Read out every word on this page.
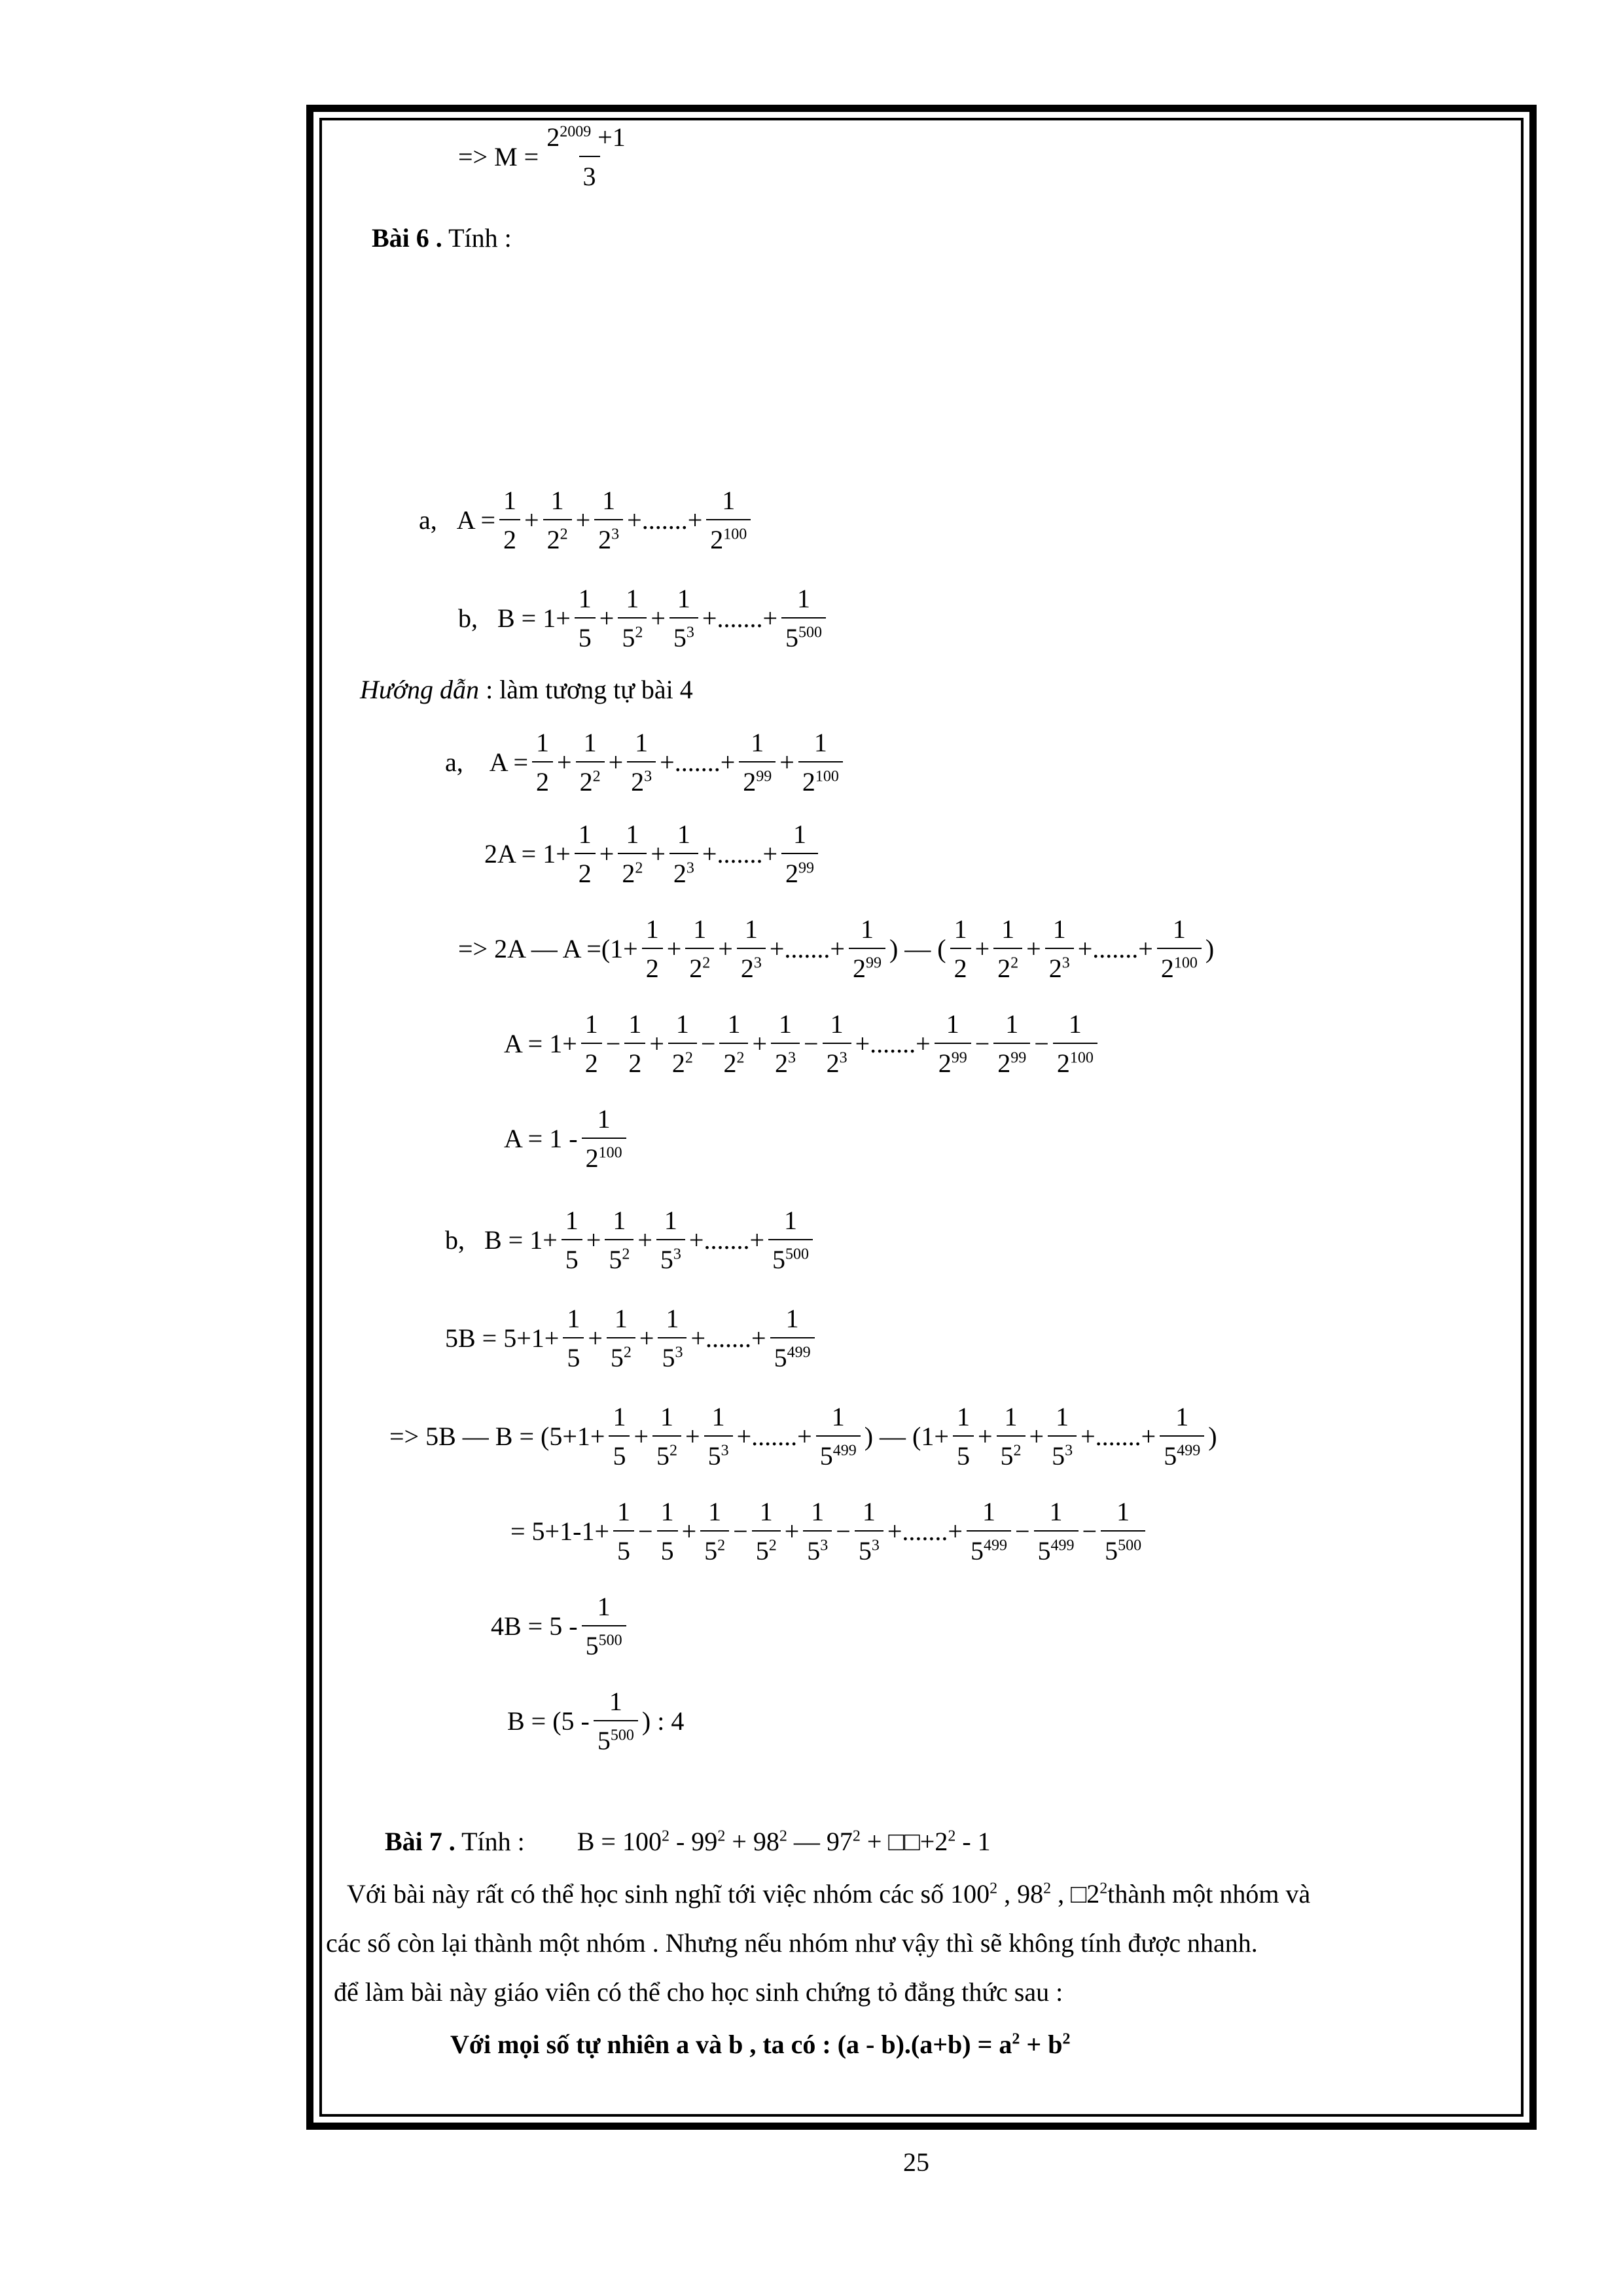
=> $M = \frac{2^{2009} +1}{3}$
Bài 6 . Tính :
a, $A = \frac{1}{2}$ +
1
$2^2$ +
1
$2^3$ +.......+ $\frac{1}{2^{100}}$
b, $B = 1+ \frac{1}{5}$ +
1
$5^2$ +
1
$5^3$ +.......+ $\frac{1}{5^{500}}$
Hướng dẫn : làm tương tự bài 4
a, $A = \frac{1}{2}$ +
1
$2^2$ +
1
$2^3$ +.......+ $\frac{1}{2^{99}}$ +
1
$2^{100}$
$2A = 1+ \frac{1}{2}$ +
1
$2^2$ +
1
$2^3$ +.......+ $\frac{1}{2^{99}}$
=> 2A — $A =(1+ \frac{1}{2}$ +
1
$2^2$ +
1
$2^3$ +.......+ $\frac{1}{2^{99}}$ ) — (
1
2
+
1
$2^2$ +
1
$2^3$ +.......+ $\frac{1}{2^{100}}$ )
$A = 1+ \frac{1}{2}$ −
1
2
+
1
$2^2$ −
1
$2^2$ +
1
$2^3$ −
1
$2^3$ +.......+ $\frac{1}{2^{99}}$ −
1
$2^{99}$ −
1
$2^{100}$
A = 1 -
1
$2^{100}$
b, $B = 1+ \frac{1}{5}$ +
1
$5^2$ +
1
$5^3$ +.......+ $\frac{1}{5^{500}}$
$5B = 5+1+ \frac{1}{5}$ +
1
$5^2$ +
1
$5^3$ +.......+ $\frac{1}{5^{499}}$
=> 5B — $B = (5+1+ \frac{1}{5}$ +
1
$5^2$ +
1
$5^3$ +.......+ $\frac{1}{5^{499}}$ ) — ($1+ \frac{1}{5}$ +
1
$5^2$ +
1
$5^3$ +.......+ $\frac{1}{5^{499}}$ )
= $5+1-1+ \frac{1}{5}$ −
1
5
+
1
$5^2$ −
1
$5^2$ +
1
$5^3$ −
1
$5^3$ +.......+ $\frac{1}{5^{499}}$ −
1
$5^{499}$ −
1
$5^{500}$
4B = 5 -
1
$5^{500}$
B = (5 -
1
$5^{500}$ ) : 4
Bài 7 . Tính : $B = 100^2 - 99^2 + 98^2$ — $97^2$ + $□□+2^2 - 1$
Với bài này rất có thể học sinh nghĩ tới việc nhóm các số $100^2$ , $98^2$ , $□2^2thành$ một nhóm và
các số còn lại thành một nhóm . Nhưng nếu nhóm như vậy thì sẽ không tính được nhanh.
để làm bài này giáo viên có thể cho học sinh chứng tỏ đẳng thức sau :
Với mọi số tự nhiên a và b , ta có : $(a - b).(a+b) = a^2 + b^2$
25
